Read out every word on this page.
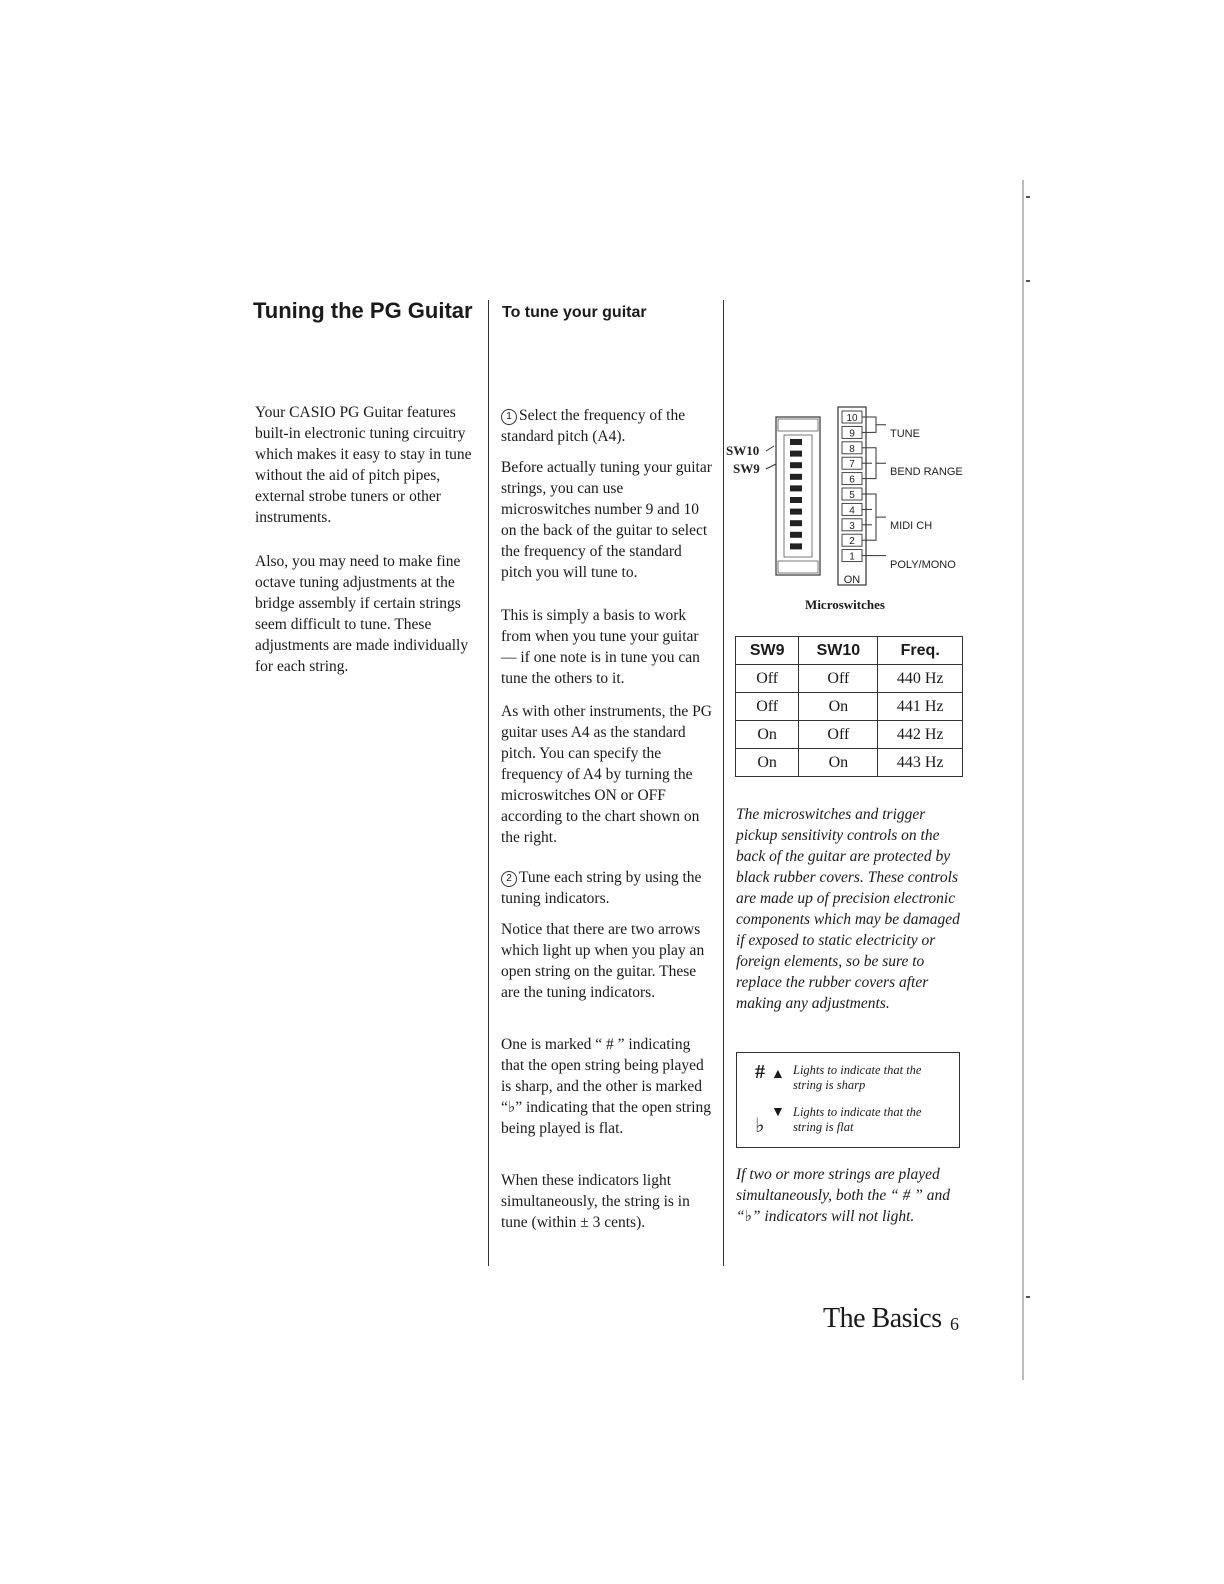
Tuning the PG Guitar
Your CASIO PG Guitar features built-in electronic tuning circuitry which makes it easy to stay in tune without the aid of pitch pipes, external strobe tuners or other instruments.
Also, you may need to make fine octave tuning adjustments at the bridge assembly if certain strings seem difficult to tune. These adjustments are made individually for each string.
To tune your guitar
1 Select the frequency of the standard pitch (A4).
Before actually tuning your guitar strings, you can use microswitches number 9 and 10 on the back of the guitar to select the frequency of the standard pitch you will tune to.
This is simply a basis to work from when you tune your guitar — if one note is in tune you can tune the others to it.
As with other instruments, the PG guitar uses A4 as the standard pitch. You can specify the frequency of A4 by turning the microswitches ON or OFF according to the chart shown on the right.
2 Tune each string by using the tuning indicators.
Notice that there are two arrows which light up when you play an open string on the guitar. These are the tuning indicators.
One is marked “ # ” indicating that the open string being played is sharp, and the other is marked “♭” indicating that the open string being played is flat.
When these indicators light simultaneously, the string is in tune (within ± 3 cents).
SW10
SW9
10
9
8
7
6
5
4
3
2
1
ON
TUNE
BEND RANGE
MIDI CH
POLY/MONO
Microswitches
SW9	SW10	Freq.
Off	Off	440 Hz
Off	On	441 Hz
On	Off	442 Hz
On	On	443 Hz
The microswitches and trigger pickup sensitivity controls on the back of the guitar are protected by black rubber covers. These controls are made up of precision electronic components which may be damaged if exposed to static electricity or foreign elements, so be sure to replace the rubber covers after making any adjustments.
# ▲ Lights to indicate that the string is sharp
♭
▼ Lights to indicate that the string is flat
If two or more strings are played simultaneously, both the “ # ” and “♭” indicators will not light.
The Basics 6
